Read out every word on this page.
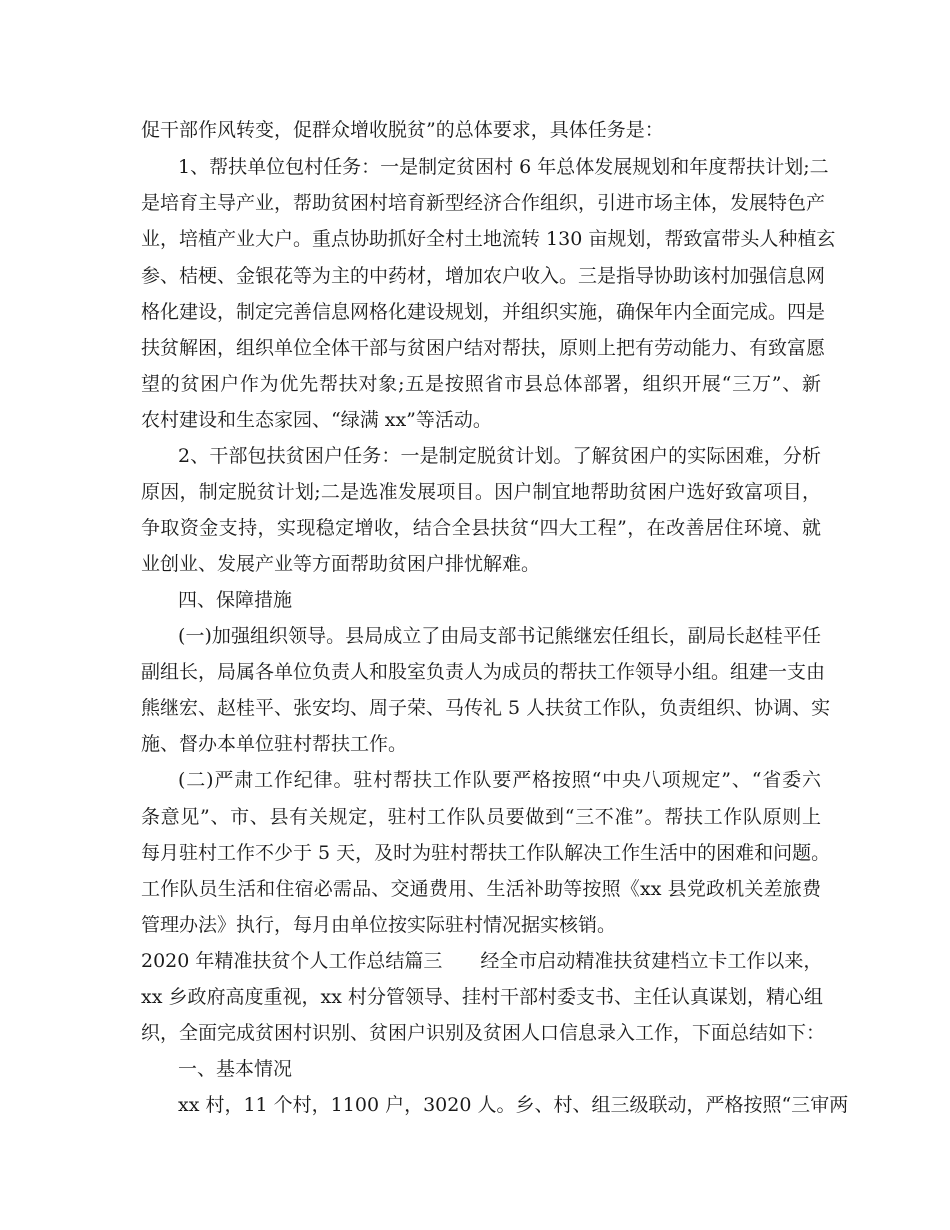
促干部作风转变，促群众增收脱贫”的总体要求，具体任务是：
1、帮扶单位包村任务：一是制定贫困村 6 年总体发展规划和年度帮扶计划;二
是培育主导产业，帮助贫困村培育新型经济合作组织，引进市场主体，发展特色产
业，培植产业大户。重点协助抓好全村土地流转 130 亩规划，帮致富带头人种植玄
参、桔梗、金银花等为主的中药材，增加农户收入。三是指导协助该村加强信息网
格化建设，制定完善信息网格化建设规划，并组织实施，确保年内全面完成。四是
扶贫解困，组织单位全体干部与贫困户结对帮扶，原则上把有劳动能力、有致富愿
望的贫困户作为优先帮扶对象;五是按照省市县总体部署，组织开展“三万”、新
农村建设和生态家园、“绿满 xx”等活动。
2、干部包扶贫困户任务：一是制定脱贫计划。了解贫困户的实际困难，分析
原因，制定脱贫计划;二是选准发展项目。因户制宜地帮助贫困户选好致富项目，
争取资金支持，实现稳定增收，结合全县扶贫“四大工程”，在改善居住环境、就
业创业、发展产业等方面帮助贫困户排忧解难。
四、保障措施
(一)加强组织领导。县局成立了由局支部书记熊继宏任组长，副局长赵桂平任
副组长，局属各单位负责人和股室负责人为成员的帮扶工作领导小组。组建一支由
熊继宏、赵桂平、张安均、周子荣、马传礼 5 人扶贫工作队，负责组织、协调、实
施、督办本单位驻村帮扶工作。
(二)严肃工作纪律。驻村帮扶工作队要严格按照“中央八项规定”、“省委六
条意见”、市、县有关规定，驻村工作队员要做到“三不准”。帮扶工作队原则上
每月驻村工作不少于 5 天，及时为驻村帮扶工作队解决工作生活中的困难和问题。
工作队员生活和住宿必需品、交通费用、生活补助等按照《xx 县党政机关差旅费
管理办法》执行，每月由单位按实际驻村情况据实核销。
2020 年精准扶贫个人工作总结篇三　　经全市启动精准扶贫建档立卡工作以来，
xx 乡政府高度重视，xx 村分管领导、挂村干部村委支书、主任认真谋划，精心组
织，全面完成贫困村识别、贫困户识别及贫困人口信息录入工作，下面总结如下：
一、基本情况
xx 村，11 个村，1100 户，3020 人。乡、村、组三级联动，严格按照“三审两
